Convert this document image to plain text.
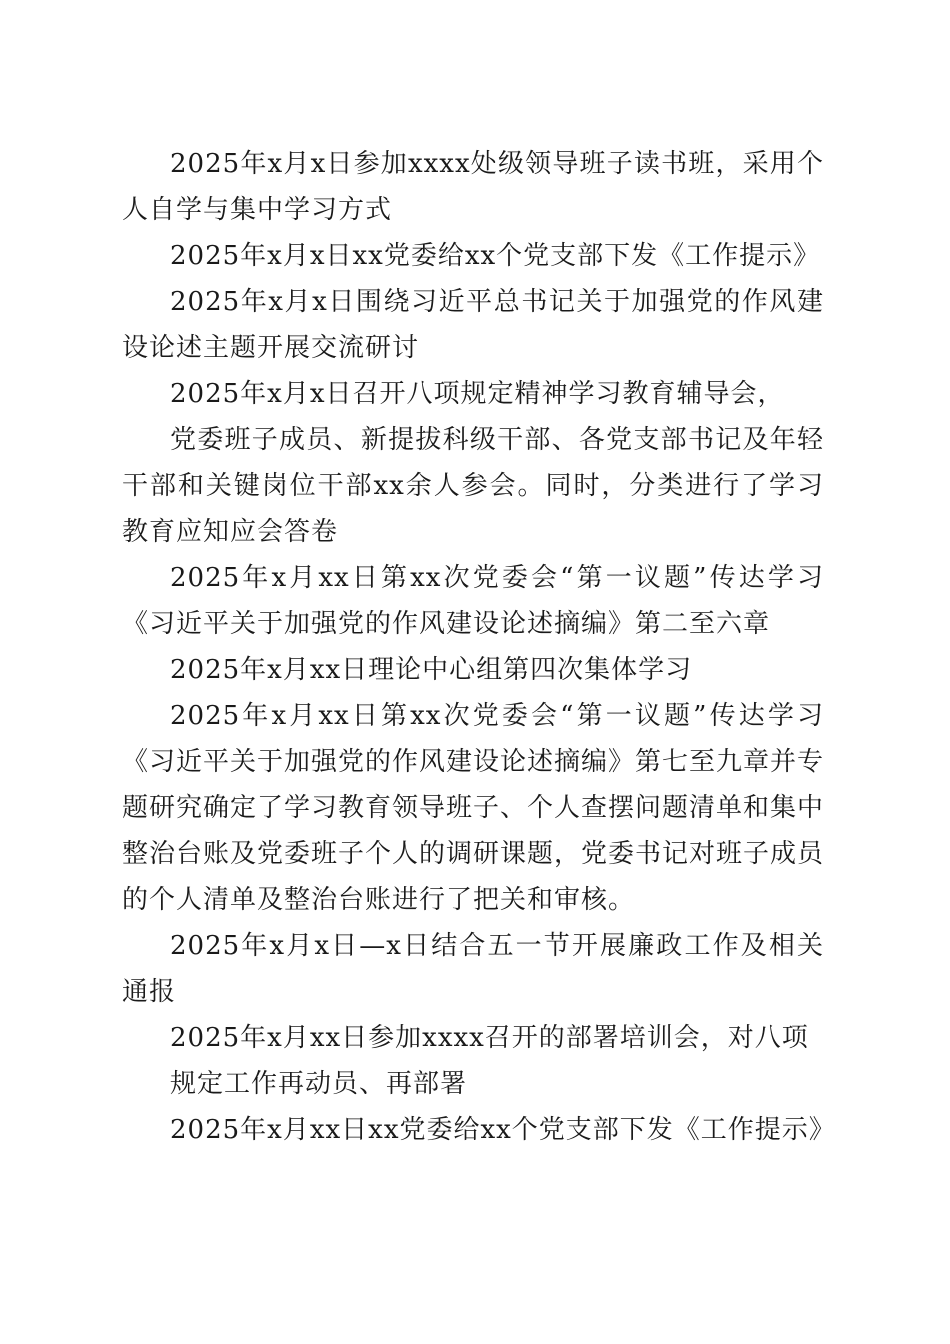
2025年x月x日参加xxxx处级领导班子读书班，采用个人自学与集中学习方式

2025年x月x日xx党委给xx个党支部下发《工作提示》

2025年x月x日围绕习近平总书记关于加强党的作风建设论述主题开展交流研讨

2025年x月x日召开八项规定精神学习教育辅导会，

党委班子成员、新提拔科级干部、各党支部书记及年轻干部和关键岗位干部xx余人参会。同时，分类进行了学习教育应知应会答卷

2025年x月xx日第xx次党委会“第一议题”传达学习《习近平关于加强党的作风建设论述摘编》第二至六章

2025年x月xx日理论中心组第四次集体学习

2025年x月xx日第xx次党委会“第一议题”传达学习《习近平关于加强党的作风建设论述摘编》第七至九章并专题研究确定了学习教育领导班子、个人查摆问题清单和集中整治台账及党委班子个人的调研课题，党委书记对班子成员的个人清单及整治台账进行了把关和审核。

2025年x月x日—x日结合五一节开展廉政工作及相关通报

2025年x月xx日参加xxxx召开的部署培训会，对八项

规定工作再动员、再部署

2025年x月xx日xx党委给xx个党支部下发《工作提示》
